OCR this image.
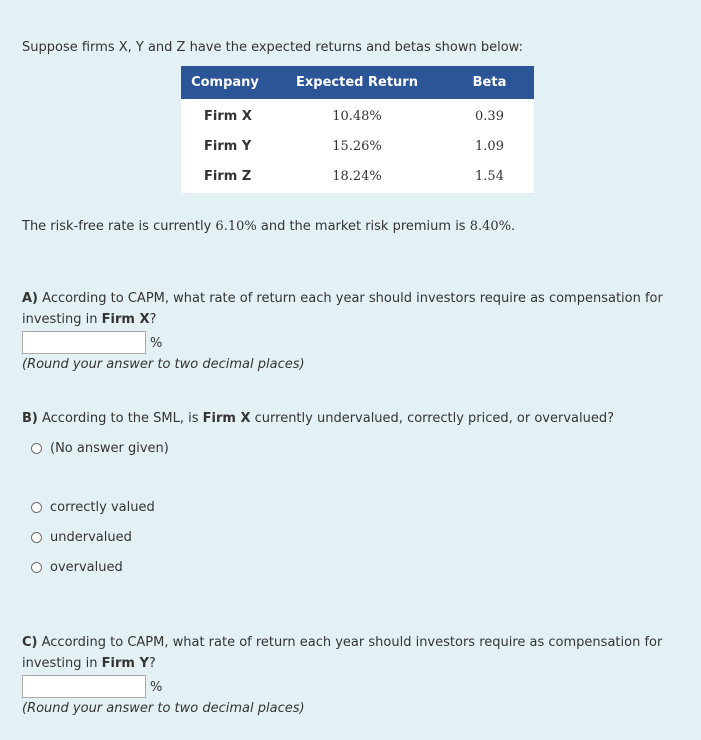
Suppose firms X, Y and Z have the expected returns and betas shown below:
Company	Expected Return	Beta
Firm X	10.48%	0.39
Firm Y	15.26%	1.09
Firm Z	18.24%	1.54
The risk-free rate is currently 6.10% and the market risk premium is 8.40%.
A) According to CAPM, what rate of return each year should investors require as compensation for
investing in Firm X?
%
(Round your answer to two decimal places)
B) According to the SML, is Firm X currently undervalued, correctly priced, or overvalued?
(No answer given)
correctly valued
undervalued
overvalued
C) According to CAPM, what rate of return each year should investors require as compensation for
investing in Firm Y?
%
(Round your answer to two decimal places)
